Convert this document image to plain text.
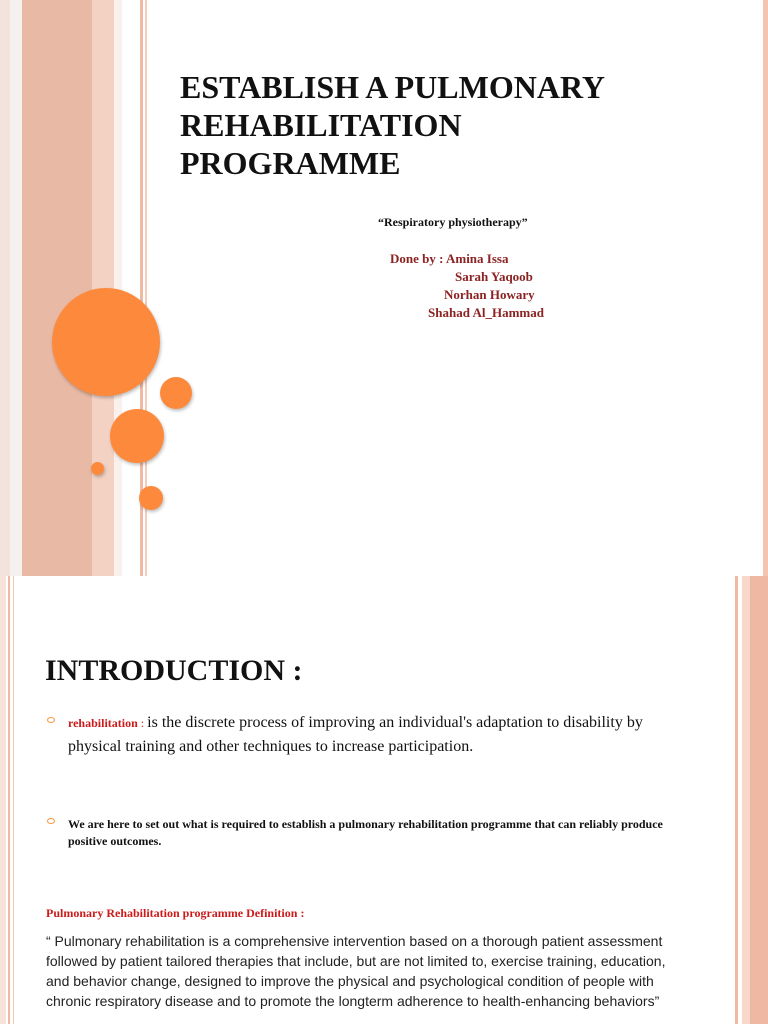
ESTABLISH A PULMONARY
REHABILITATION
PROGRAMME
“Respiratory physiotherapy”
Done by : Amina Issa
Sarah Yaqoob
Norhan Howary
Shahad Al_Hammad
INTRODUCTION :
rehabilitation : is the discrete process of improving an individual's adaptation to disability by physical training and other techniques to increase participation.
We are here to set out what is required to establish a pulmonary rehabilitation programme that can reliably produce positive outcomes.
Pulmonary Rehabilitation programme Definition :
“ Pulmonary rehabilitation is a comprehensive intervention based on a thorough patient assessment followed by patient tailored therapies that include, but are not limited to, exercise training, education, and behavior change, designed to improve the physical and psychological condition of people with chronic respiratory disease and to promote the longterm adherence to health-enhancing behaviors”
